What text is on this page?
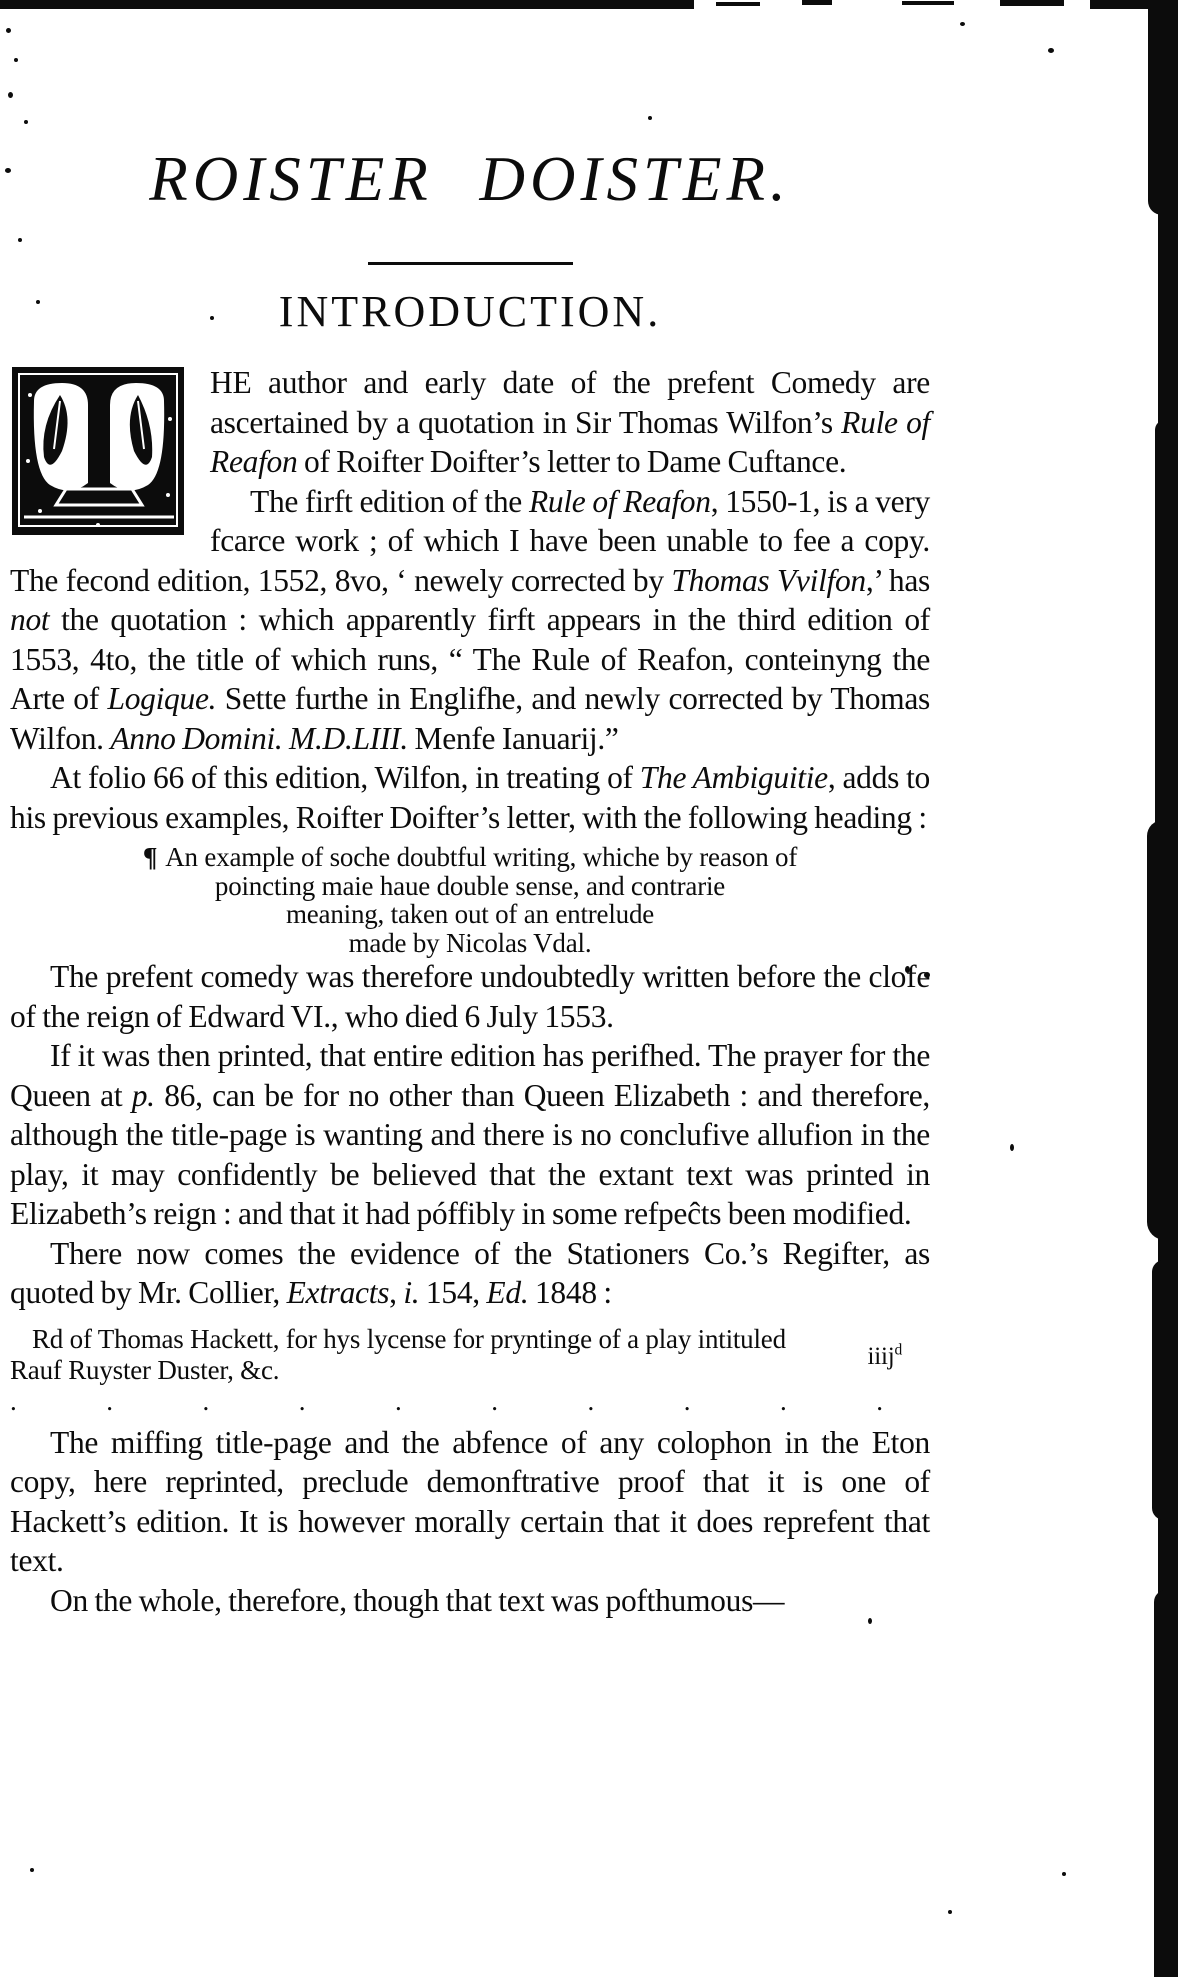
ROISTER DOISTER.
INTRODUCTION.

HE author and early date of the prefent Comedy are ascertained by a quotation in Sir Thomas Wilfon’s Rule of Reafon of Roifter Doifter’s letter to Dame Cuftance.

The firft edition of the Rule of Reafon, 1550-1, is a very fcarce work ; of which I have been unable to fee a copy. The fecond edition, 1552, 8vo, ‘ newely corrected by Thomas Vvilfon,’ has not the quotation : which apparently firft appears in the third edition of 1553, 4to, the title of which runs, “ The Rule of Reafon, conteinyng the Arte of Logique. Sette furthe in Englifhe, and newly corrected by Thomas Wilfon. Anno Domini. M.D.LIII. Menfe Ianuarij.”

At folio 66 of this edition, Wilfon, in treating of The Ambiguitie, adds to his previous examples, Roifter Doifter’s letter, with the following heading :

¶ An example of soche doubtful writing, whiche by reason of
poincting maie haue double sense, and contrarie
meaning, taken out of an entrelude
made by Nicolas Vdal.

The prefent comedy was therefore undoubtedly written before the clofe of the reign of Edward VI., who died 6 July 1553.

If it was then printed, that entire edition has perifhed. The prayer for the Queen at p. 86, can be for no other than Queen Elizabeth : and therefore, although the title-page is wanting and there is no conclufive allufion in the play, it may confidently be believed that the extant text was printed in Elizabeth’s reign : and that it had póffibly in some refpeĉts been modified.

There now comes the evidence of the Stationers Co.’s Regifter, as quoted by Mr. Collier, Extracts, i. 154, Ed. 1848 :

Rd of Thomas Hackett, for hys lycense for pryntinge of a play intituled
Rauf Ruyster Duster, &c. .          .          .          .          .          .          .          .          .          .
iiij$^d$

The miffing title-page and the abfence of any colophon in the Eton copy, here reprinted, preclude demonftrative proof that it is one of Hackett’s edition. It is however morally certain that it does reprefent that text.

On the whole, therefore, though that text was pofthumous—
